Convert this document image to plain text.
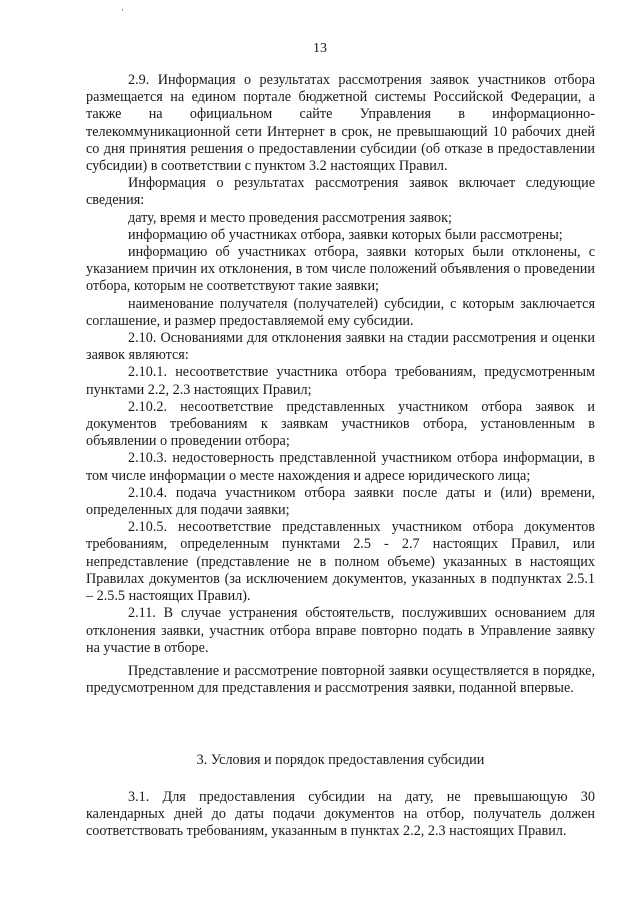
13

2.9. Информация о результатах рассмотрения заявок участников отбора размещается на едином портале бюджетной системы Российской Федерации, а также на официальном сайте Управления в информационно-телекоммуникационной сети Интернет в срок, не превышающий 10 рабочих дней со дня принятия решения о предоставлении субсидии (об отказе в предоставлении субсидии) в соответствии с пунктом 3.2 настоящих Правил.

Информация о результатах рассмотрения заявок включает следующие сведения:

дату, время и место проведения рассмотрения заявок;

информацию об участниках отбора, заявки которых были рассмотрены;

информацию об участниках отбора, заявки которых были отклонены, с указанием причин их отклонения, в том числе положений объявления о проведении отбора, которым не соответствуют такие заявки;

наименование получателя (получателей) субсидии, с которым заключается соглашение, и размер предоставляемой ему субсидии.

2.10. Основаниями для отклонения заявки на стадии рассмотрения и оценки заявок являются:

2.10.1. несоответствие участника отбора требованиям, предусмотренным пунктами 2.2, 2.3 настоящих Правил;

2.10.2. несоответствие представленных участником отбора заявок и документов требованиям к заявкам участников отбора, установленным в объявлении о проведении отбора;

2.10.3. недостоверность представленной участником отбора информации, в том числе информации о месте нахождения и адресе юридического лица;

2.10.4. подача участником отбора заявки после даты и (или) времени, определенных для подачи заявки;

2.10.5. несоответствие представленных участником отбора документов требованиям, определенным пунктами 2.5 - 2.7 настоящих Правил, или непредставление (представление не в полном объеме) указанных в настоящих Правилах документов (за исключением документов, указанных в подпунктах 2.5.1 – 2.5.5 настоящих Правил).

2.11. В случае устранения обстоятельств, послуживших основанием для отклонения заявки, участник отбора вправе повторно подать в Управление заявку на участие в отборе.

Представление и рассмотрение повторной заявки осуществляется в порядке, предусмотренном для представления и рассмотрения заявки, поданной впервые.

3. Условия и порядок предоставления субсидии

3.1. Для предоставления субсидии на дату, не превышающую 30 календарных дней до даты подачи документов на отбор, получатель должен соответствовать требованиям, указанным в пунктах 2.2, 2.3 настоящих Правил.
